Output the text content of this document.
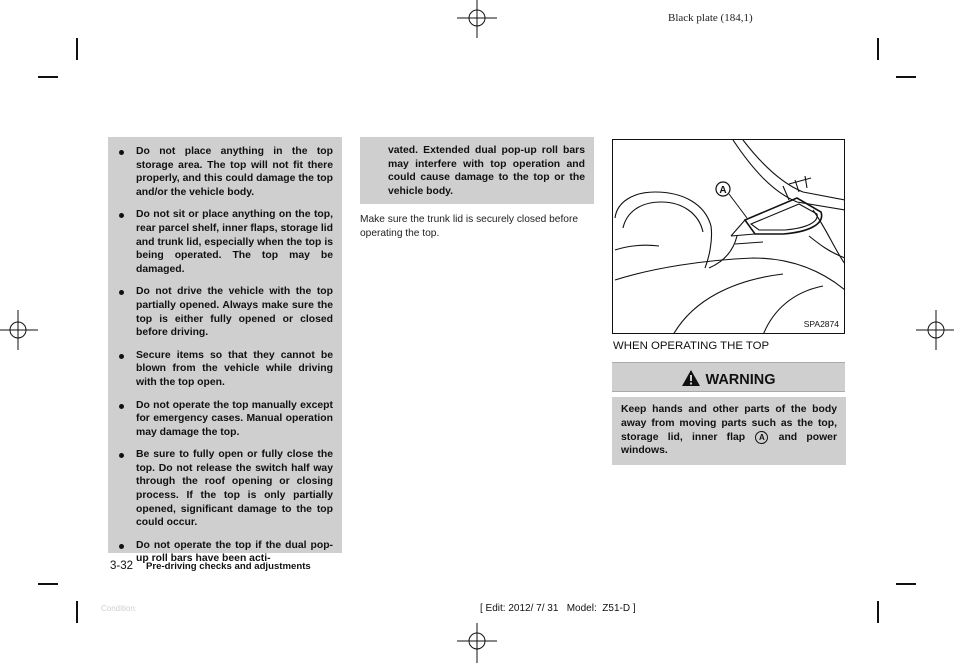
Black plate (184,1)
Do not place anything in the top storage area. The top will not fit there properly, and this could damage the top and/or the vehicle body.
Do not sit or place anything on the top, rear parcel shelf, inner flaps, storage lid and trunk lid, especially when the top is being operated. The top may be damaged.
Do not drive the vehicle with the top partially opened. Always make sure the top is either fully opened or closed before driving.
Secure items so that they cannot be blown from the vehicle while driving with the top open.
Do not operate the top manually except for emergency cases. Manual operation may damage the top.
Be sure to fully open or fully close the top. Do not release the switch half way through the roof opening or closing process. If the top is only partially opened, significant damage to the top could occur.
Do not operate the top if the dual pop-up roll bars have been acti-

vated. Extended dual pop-up roll bars may interfere with top operation and could cause damage to the top or the vehicle body.

Make sure the trunk lid is securely closed before operating the top.
A
SPA2874
WHEN OPERATING THE TOP
WARNING

Keep hands and other parts of the body away from moving parts such as the top, storage lid, inner flap A and power windows.

3-32 Pre-driving checks and adjustments
Condition:	[ Edit: 2012/ 7/ 31   Model:  Z51-D ]
